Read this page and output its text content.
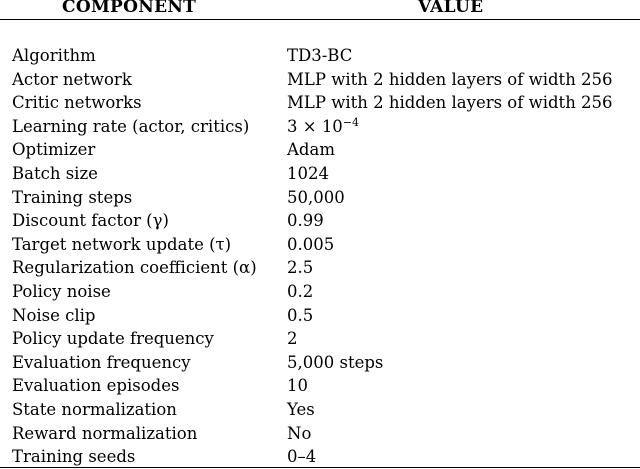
COMPONENT	VALUE
Algorithm	TD3-BC
Actor network	MLP with 2 hidden layers of width 256
Critic networks	MLP with 2 hidden layers of width 256
Learning rate (actor, critics) $3 \times 10^{-4}$
Optimizer	Adam
Batch size	1024
Training steps	50,000
Discount factor (γ)	0.99
Target network update (τ)	0.005
Regularization coefficient (α) 2.5
Policy noise	0.2
Noise clip	0.5
Policy update frequency	2
Evaluation frequency	5,000 steps
Evaluation episodes	10
State normalization	Yes
Reward normalization	No
Training seeds	0–4
